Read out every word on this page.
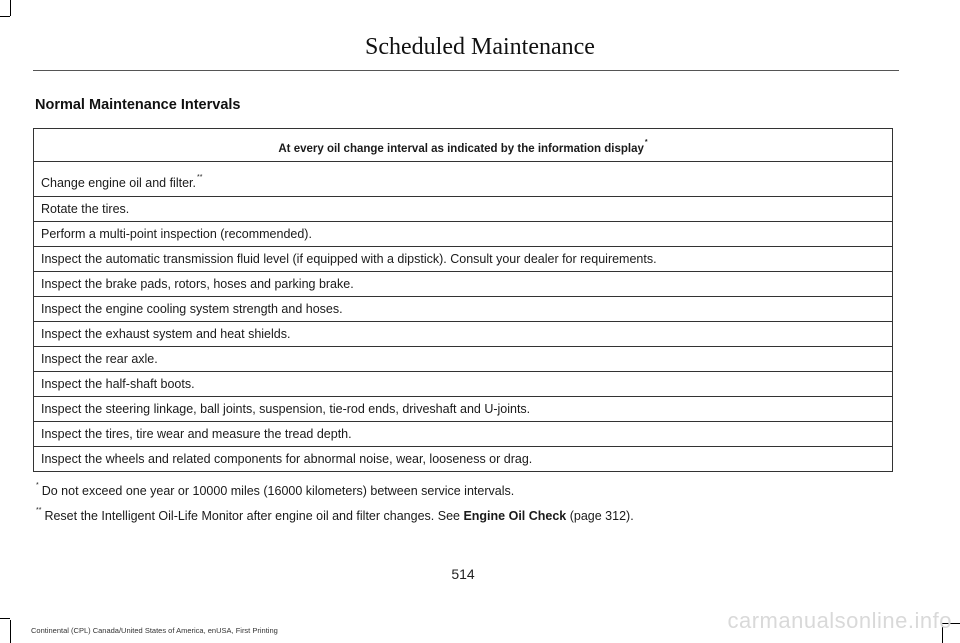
Scheduled Maintenance
Normal Maintenance Intervals
At every oil change interval as indicated by the information display*
Change engine oil and filter.**
Rotate the tires.
Perform a multi-point inspection (recommended).
Inspect the automatic transmission fluid level (if equipped with a dipstick). Consult your dealer for requirements.
Inspect the brake pads, rotors, hoses and parking brake.
Inspect the engine cooling system strength and hoses.
Inspect the exhaust system and heat shields.
Inspect the rear axle.
Inspect the half-shaft boots.
Inspect the steering linkage, ball joints, suspension, tie-rod ends, driveshaft and U-joints.
Inspect the tires, tire wear and measure the tread depth.
Inspect the wheels and related components for abnormal noise, wear, looseness or drag.
* Do not exceed one year or 10000 miles (16000 kilometers) between service intervals.
** Reset the Intelligent Oil-Life Monitor after engine oil and filter changes. See Engine Oil Check (page 312).
514
Continental (CPL) Canada/United States of America, enUSA, First Printing	carmanualsonline.info
